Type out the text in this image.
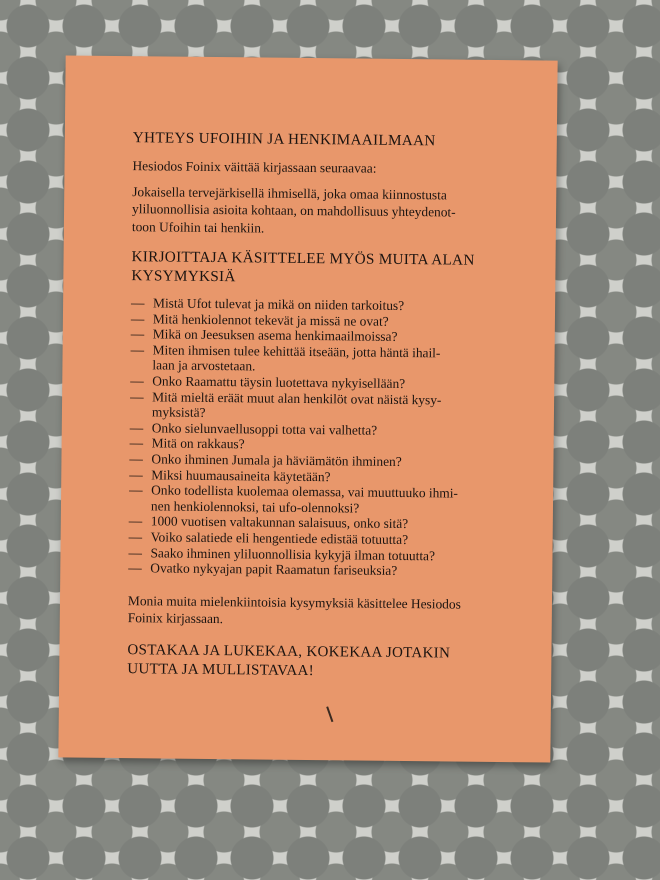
YHTEYS UFOIHIN JA HENKIMAAILMAAN

Hesiodos Foinix väittää kirjassaan seuraavaa:

Jokaisella tervejärkisellä ihmisellä, joka omaa kiinnostusta
yliluonnollisia asioita kohtaan, on mahdollisuus yhteydenot-
toon Ufoihin tai henkiin.

KIRJOITTAJA KÄSITTELEE MYÖS MUITA ALAN
KYSYMYKSIÄ

— Mistä Ufot tulevat ja mikä on niiden tarkoitus?
— Mitä henkiolennot tekevät ja missä ne ovat?
— Mikä on Jeesuksen asema henkimaailmoissa?
— Miten ihmisen tulee kehittää itseään, jotta häntä ihail-
laan ja arvostetaan.
— Onko Raamattu täysin luotettava nykyisellään?
— Mitä mieltä eräät muut alan henkilöt ovat näistä kysy-
myksistä?
— Onko sielunvaellusoppi totta vai valhetta?
— Mitä on rakkaus?
— Onko ihminen Jumala ja häviämätön ihminen?
— Miksi huumausaineita käytetään?
— Onko todellista kuolemaa olemassa, vai muuttuuko ihmi-
nen henkiolennoksi, tai ufo-olennoksi?
— 1000 vuotisen valtakunnan salaisuus, onko sitä?
— Voiko salatiede eli hengentiede edistää totuutta?
— Saako ihminen yliluonnollisia kykyjä ilman totuutta?
— Ovatko nykyajan papit Raamatun fariseuksia?

Monia muita mielenkiintoisia kysymyksiä käsittelee Hesiodos
Foinix kirjassaan.

OSTAKAA JA LUKEKAA, KOKEKAA JOTAKIN
UUTTA JA MULLISTAVAA!
